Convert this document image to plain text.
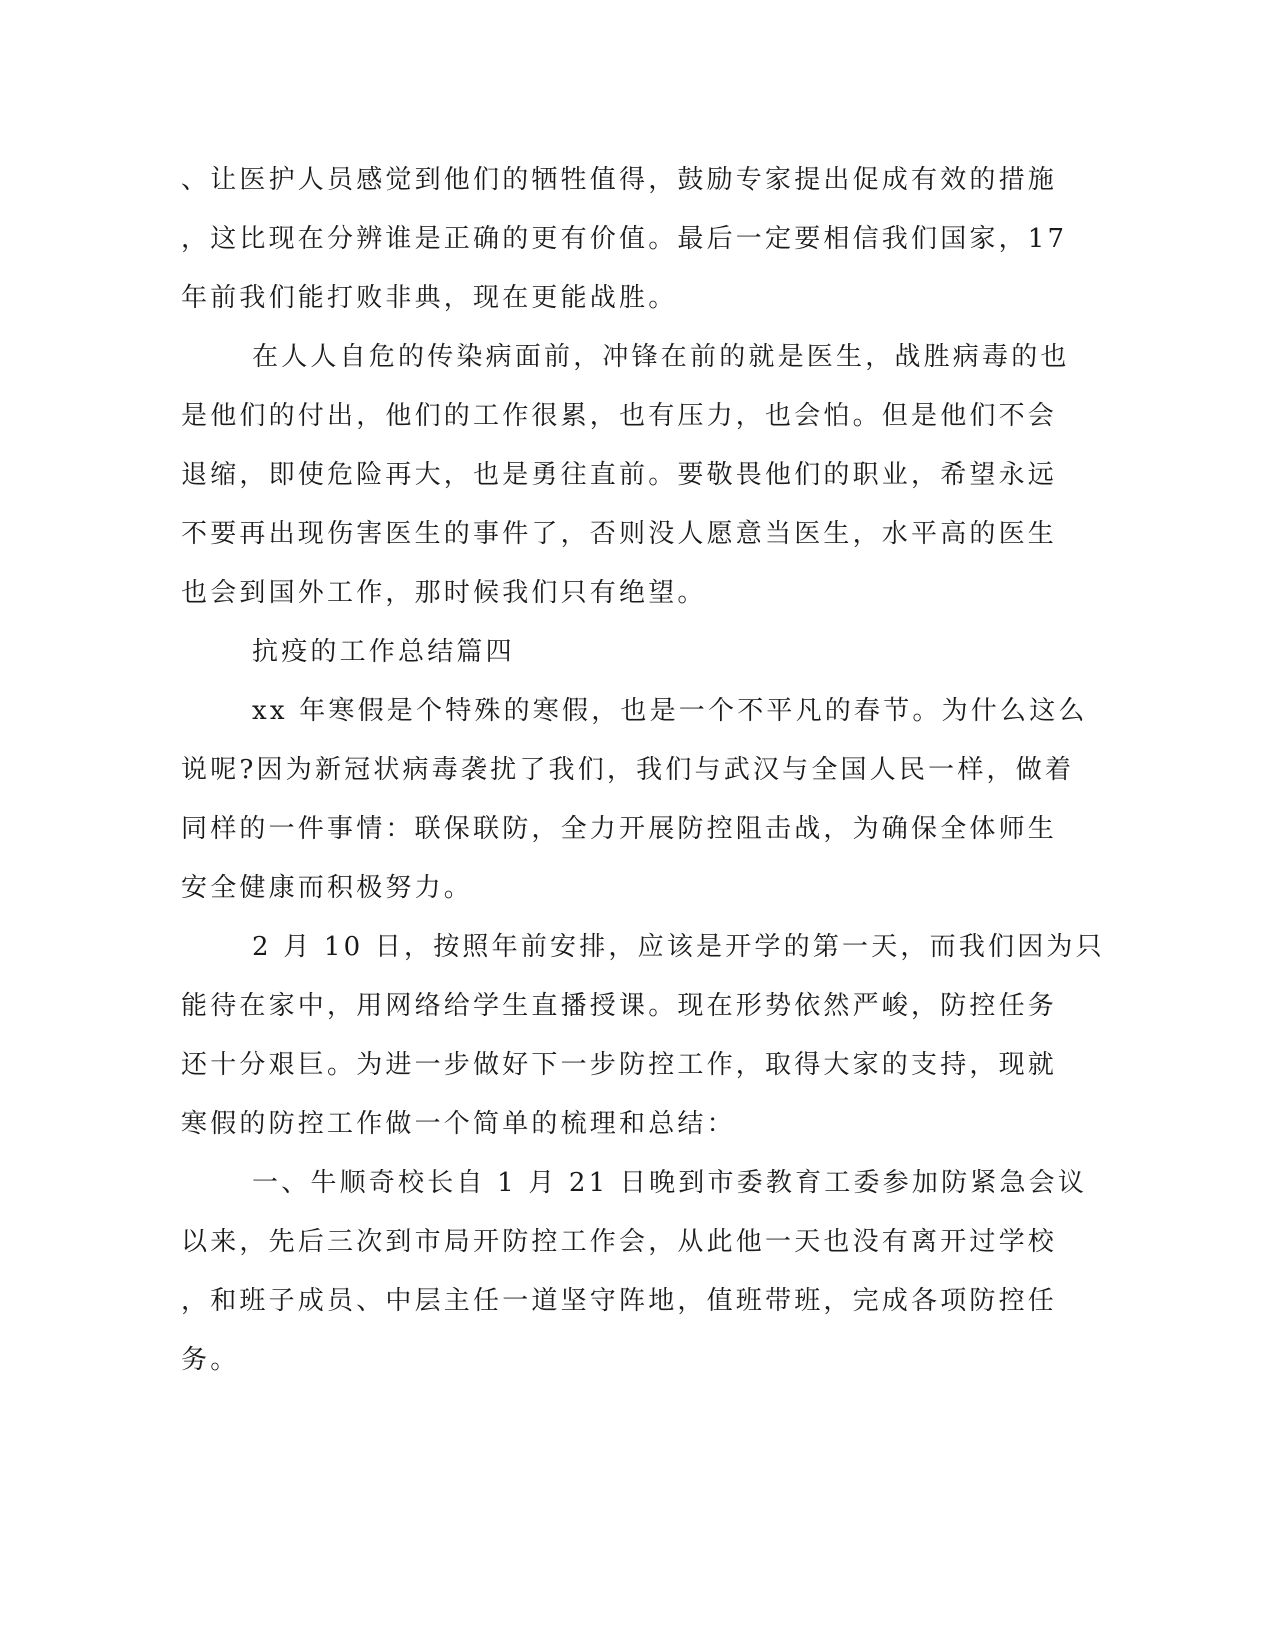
、让医护人员感觉到他们的牺牲值得，鼓励专家提出促成有效的措施
，这比现在分辨谁是正确的更有价值。最后一定要相信我们国家，17
年前我们能打败非典，现在更能战胜。
在人人自危的传染病面前，冲锋在前的就是医生，战胜病毒的也
是他们的付出，他们的工作很累，也有压力，也会怕。但是他们不会
退缩，即使危险再大，也是勇往直前。要敬畏他们的职业，希望永远
不要再出现伤害医生的事件了，否则没人愿意当医生，水平高的医生
也会到国外工作，那时候我们只有绝望。
抗疫的工作总结篇四
xx 年寒假是个特殊的寒假，也是一个不平凡的春节。为什么这么
说呢?因为新冠状病毒袭扰了我们，我们与武汉与全国人民一样，做着
同样的一件事情：联保联防，全力开展防控阻击战，为确保全体师生
安全健康而积极努力。
2 月 10 日，按照年前安排，应该是开学的第一天，而我们因为只
能待在家中，用网络给学生直播授课。现在形势依然严峻，防控任务
还十分艰巨。为进一步做好下一步防控工作，取得大家的支持，现就
寒假的防控工作做一个简单的梳理和总结：
一、牛顺奇校长自 1 月 21 日晚到市委教育工委参加防紧急会议
以来，先后三次到市局开防控工作会，从此他一天也没有离开过学校
，和班子成员、中层主任一道坚守阵地，值班带班，完成各项防控任
务。
